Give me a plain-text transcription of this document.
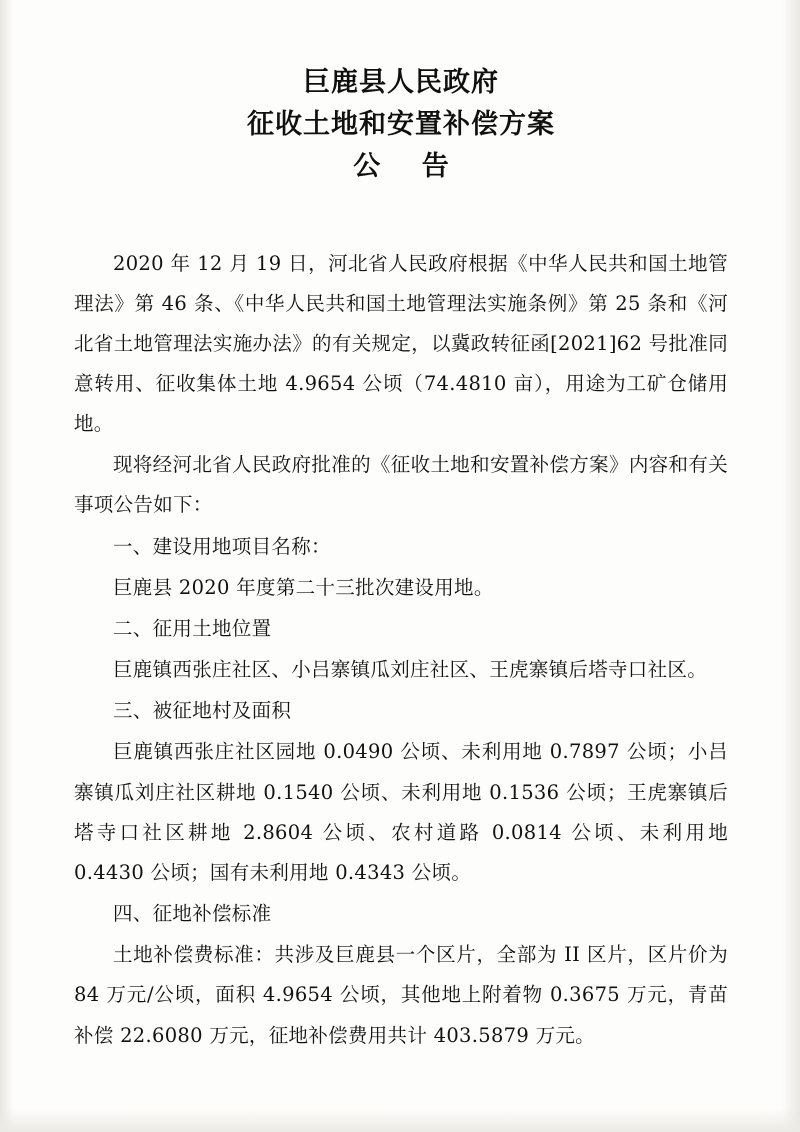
巨鹿县人民政府
征收土地和安置补偿方案
公 告

2020 年 12 月 19 日，河北省人民政府根据《中华人民共和国土地管理法》第 46 条、《中华人民共和国土地管理法实施条例》第 25 条和《河北省土地管理法实施办法》的有关规定，以冀政转征函[2021]62 号批准同意转用、征收集体土地 4.9654 公顷（74.4810 亩），用途为工矿仓储用地。

现将经河北省人民政府批准的《征收土地和安置补偿方案》内容和有关事项公告如下：

一、建设用地项目名称：

巨鹿县 2020 年度第二十三批次建设用地。

二、征用土地位置

巨鹿镇西张庄社区、小吕寨镇瓜刘庄社区、王虎寨镇后塔寺口社区。

三、被征地村及面积

巨鹿镇西张庄社区园地 0.0490 公顷、未利用地 0.7897 公顷；小吕寨镇瓜刘庄社区耕地 0.1540 公顷、未利用地 0.1536 公顷；王虎寨镇后塔寺口社区耕地 2.8604 公顷、农村道路 0.0814 公顷、未利用地 0.4430 公顷；国有未利用地 0.4343 公顷。

四、征地补偿标准

土地补偿费标准：共涉及巨鹿县一个区片，全部为 II 区片，区片价为 84 万元/公顷，面积 4.9654 公顷，其他地上附着物 0.3675 万元，青苗补偿 22.6080 万元，征地补偿费用共计 403.5879 万元。
